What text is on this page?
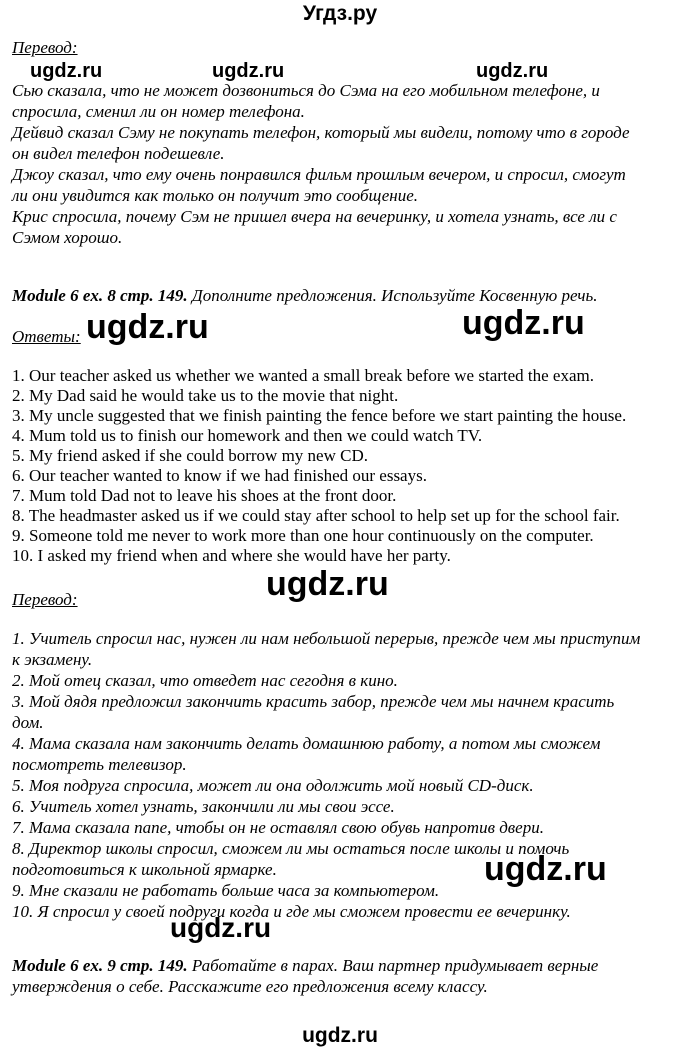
Угдз.ру
Перевод:
Сью сказала, что не может дозвониться до Сэма на его мобильном телефоне, и
спросила, сменил ли он номер телефона.
Дейвид сказал Сэму не покупать телефон, который мы видели, потому что в городе
он видел телефон подешевле.
Джоу сказал, что ему очень понравился фильм прошлым вечером, и спросил, смогут
ли они увидится как только он получит это сообщение.
Крис спросила, почему Сэм не пришел вчера на вечеринку, и хотела узнать, все ли с
Сэмом хорошо.
ugdz.ru	ugdz.ru	ugdz.ru
Module 6 ex. 8 стр. 149. Дополните предложения. Используйте Косвенную речь.
Ответы: ugdz.ru	ugdz.ru
1. Our teacher asked us whether we wanted a small break before we started the exam.
2. My Dad said he would take us to the movie that night.
3. My uncle suggested that we finish painting the fence before we start painting the house.
4. Mum told us to finish our homework and then we could watch TV.
5. My friend asked if she could borrow my new CD.
6. Our teacher wanted to know if we had finished our essays.
7. Mum told Dad not to leave his shoes at the front door.
8. The headmaster asked us if we could stay after school to help set up for the school fair.
9. Someone told me never to work more than one hour continuously on the computer.
10. I asked my friend when and where she would have her party.
ugdz.ru
Перевод:
1. Учитель спросил нас, нужен ли нам небольшой перерыв, прежде чем мы приступим
к экзамену.
2. Мой отец сказал, что отведет нас сегодня в кино.
3. Мой дядя предложил закончить красить забор, прежде чем мы начнем красить
дом.
4. Мама сказала нам закончить делать домашнюю работу, а потом мы сможем
посмотреть телевизор.
5. Моя подруга спросила, может ли она одолжить мой новый CD-диск.
6. Учитель хотел узнать, закончили ли мы свои эссе.
7. Мама сказала папе, чтобы он не оставлял свою обувь напротив двери.
8. Директор школы спросил, сможем ли мы остаться после школы и помочь
подготовиться к школьной ярмарке.
9. Мне сказали не работать больше часа за компьютером.
10. Я спросил у своей подруги когда и где мы сможем провести ее вечеринку.
ugdz.ru
ugdz.ru
Module 6 ex. 9 стр. 149. Работайте в парах. Ваш партнер придумывает верные
утверждения о себе. Расскажите его предложения всему классу.
ugdz.ru
